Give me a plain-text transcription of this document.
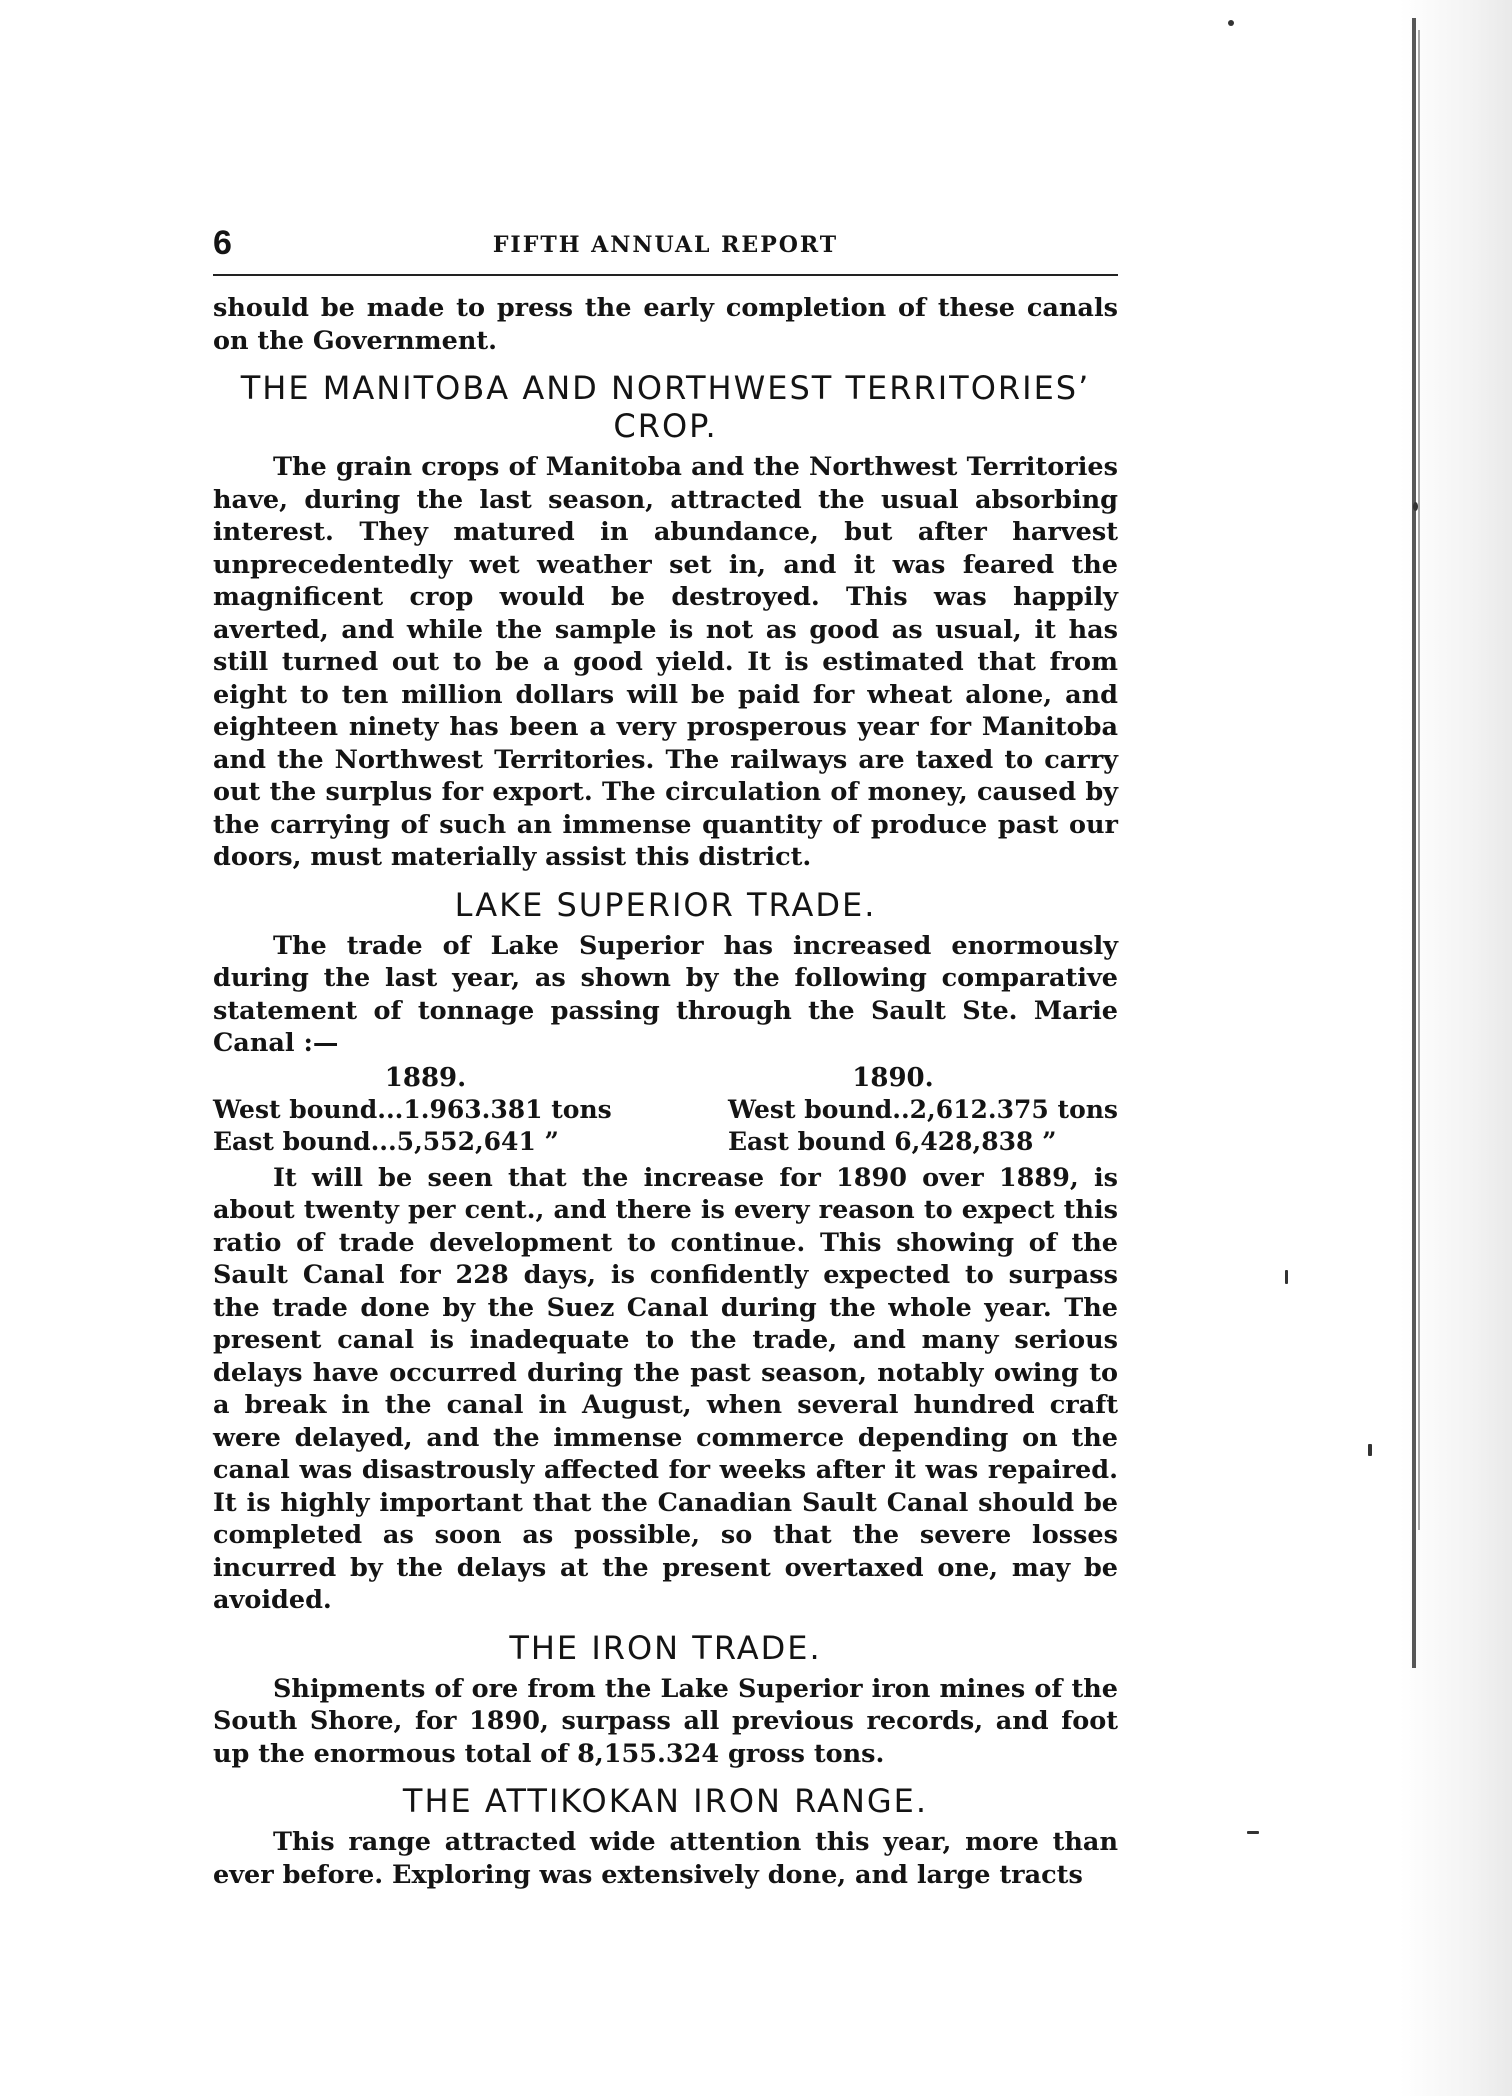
6	FIFTH ANNUAL REPORT

should be made to press the early completion of these canals on the Government.

THE MANITOBA AND NORTHWEST TERRITORIES’ CROP.

The grain crops of Manitoba and the Northwest Territories have, during the last season, attracted the usual absorbing interest. They matured in abundance, but after harvest unprecedentedly wet weather set in, and it was feared the magnificent crop would be destroyed. This was happily averted, and while the sample is not as good as usual, it has still turned out to be a good yield. It is estimated that from eight to ten million dollars will be paid for wheat alone, and eighteen ninety has been a very prosperous year for Manitoba and the Northwest Territories. The railways are taxed to carry out the surplus for export. The circulation of money, caused by the carrying of such an immense quantity of produce past our doors, must materially assist this district.

LAKE SUPERIOR TRADE.

The trade of Lake Superior has increased enormously during the last year, as shown by the following comparative statement of tonnage passing through the Sault Ste. Marie Canal :—

1889.	1890.
West bound...1.963.381 tons	West bound..2,612.375 tons
East bound...5,552,641 ”	East bound 6,428,838 ”

It will be seen that the increase for 1890 over 1889, is about twenty per cent., and there is every reason to expect this ratio of trade development to continue. This showing of the Sault Canal for 228 days, is confidently expected to surpass the trade done by the Suez Canal during the whole year. The present canal is inadequate to the trade, and many serious delays have occurred during the past season, notably owing to a break in the canal in August, when several hundred craft were delayed, and the immense commerce depending on the canal was disastrously affected for weeks after it was repaired. It is highly important that the Canadian Sault Canal should be completed as soon as possible, so that the severe losses incurred by the delays at the present overtaxed one, may be avoided.

THE IRON TRADE.

Shipments of ore from the Lake Superior iron mines of the South Shore, for 1890, surpass all previous records, and foot up the enormous total of 8,155.324 gross tons.

THE ATTIKOKAN IRON RANGE.

This range attracted wide attention this year, more than ever before. Exploring was extensively done, and large tracts
